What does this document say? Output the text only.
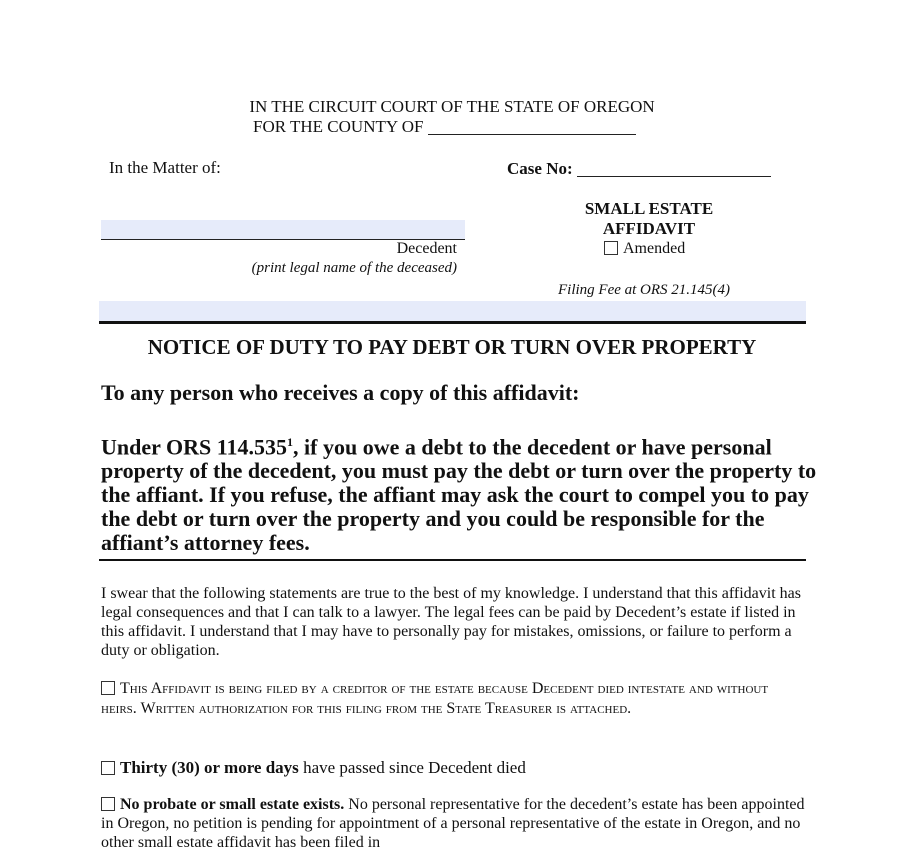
IN THE CIRCUIT COURT OF THE STATE OF OREGON
FOR THE COUNTY OF
In the Matter of:	Case No:
Decedent
(print legal name of the deceased)
SMALL ESTATE
AFFIDAVIT
Amended
Filing Fee at ORS 21.145(4)
NOTICE OF DUTY TO PAY DEBT OR TURN OVER PROPERTY
To any person who receives a copy of this affidavit:
Under ORS 114.535$^1$, if you owe a debt to the decedent or have personal property of the decedent, you must pay the debt or turn over the property to the affiant. If you refuse, the affiant may ask the court to compel you to pay the debt or turn over the property and you could be responsible for the affiant’s attorney fees.
I swear that the following statements are true to the best of my knowledge. I understand that this affidavit has legal consequences and that I can talk to a lawyer. The legal fees can be paid by Decedent’s estate if listed in this affidavit. I understand that I may have to personally pay for mistakes, omissions, or failure to perform a duty or obligation.
This Affidavit is being filed by a creditor of the estate because Decedent died intestate and without heirs. Written authorization for this filing from the State Treasurer is attached.
Thirty (30) or more days have passed since Decedent died
No probate or small estate exists. No personal representative for the decedent’s estate has been appointed in Oregon, no petition is pending for appointment of a personal representative of the estate in Oregon, and no other small estate affidavit has been filed in
